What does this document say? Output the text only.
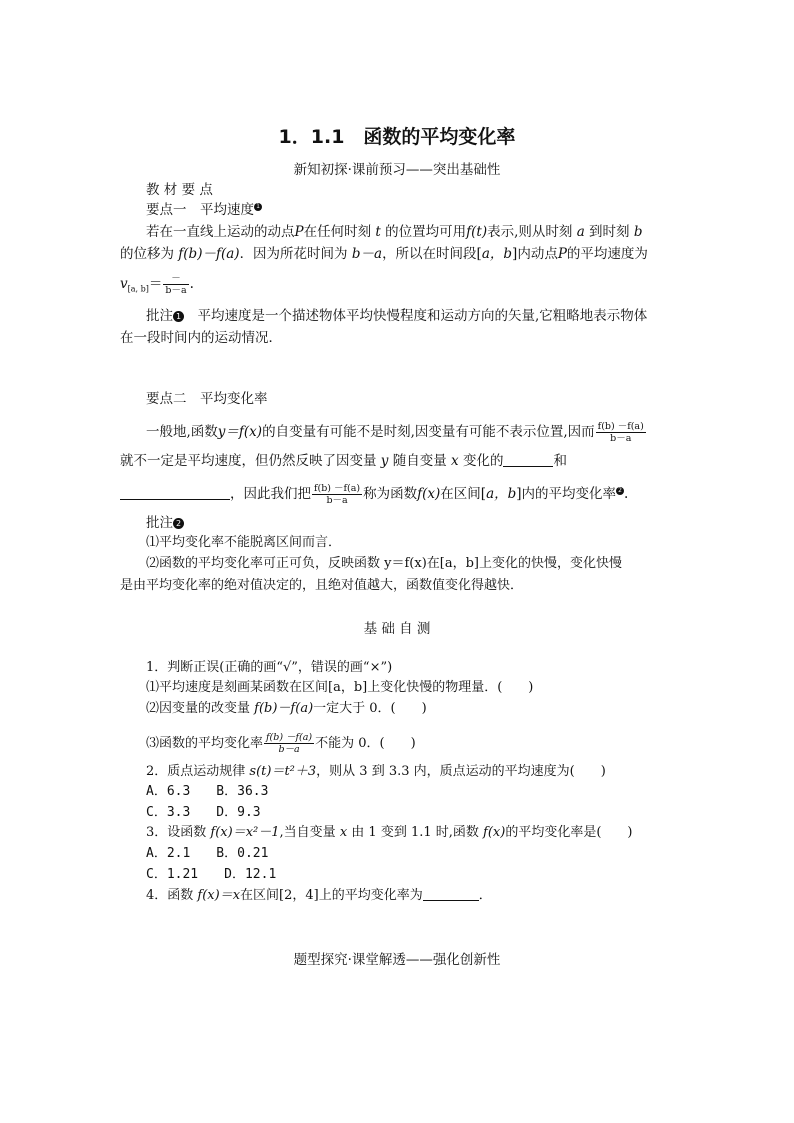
1．1.1　函数的平均变化率
新知初探·课前预习——突出基础性
教 材 要 点
要点一　平均速度 1
若在一直线上运动的动点P在任何时刻 t 的位置均可用f(t)表示,则从时刻 a 到时刻 b
的位移为 f(b)－f(a)．因为所花时间为 b－a，所以在时间段[a，b]内动点P的平均速度为
$v_{[a, b]}= \frac{-}{b-a}$ .
批注 1　平均速度是一个描述物体平均快慢程度和运动方向的矢量,它粗略地表示物体
在一段时间内的运动情况．
要点二　平均变化率
一般地,函数y＝f(x)的自变量有可能不是时刻,因变量有可能不表示位置,因而 $\frac{f(b) -f(a)}{b-a}$
就不一定是平均速度，但仍然反映了因变量 y 随自变量 x 变化的	和
，因此我们把 $\frac{f(b) -f(a)}{b-a}$ 称为函数f(x)在区间[a，b]内的平均变化率 2 .
批注 2
⑴平均变化率不能脱离区间而言．
⑵函数的平均变化率可正可负，反映函数 y＝f(x)在[a，b]上变化的快慢，变化快慢
是由平均变化率的绝对值决定的，且绝对值越大，函数值变化得越快．
基 础 自 测
1．判断正误(正确的画“√”，错误的画“×”)
⑴平均速度是刻画某函数在区间[a，b]上变化快慢的物理量．(　　)
⑵因变量的改变量 f(b)－f(a)一定大于 0．(　　)
⑶函数的平均变化率 $\frac{f(b) -f(a)}{b-a}$ 不能为 0．(　　)
2．质点运动规律 s(t)＝t²＋3，则从 3 到 3.3 内，质点运动的平均速度为(　　)
A．6.3　　B．36.3
C．3.3　　D．9.3
3．设函数 f(x)＝x²－1,当自变量 x 由 1 变到 1.1 时,函数 f(x)的平均变化率是(　　)
A．2.1　　B．0.21
C．1.21　　D．12.1
4．函数 f(x)＝x在区间[2，4]上的平均变化率为	．
题型探究·课堂解透——强化创新性
